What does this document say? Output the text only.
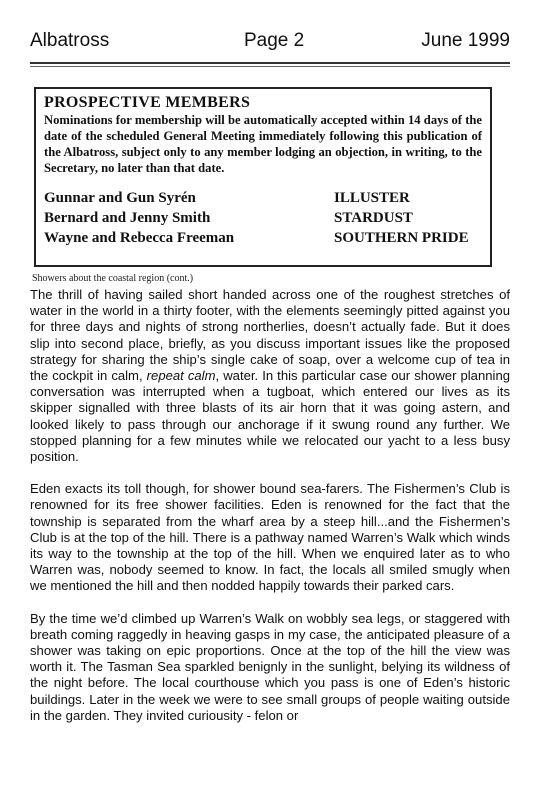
Albatross	Page 2	June 1999

PROSPECTIVE MEMBERS

Nominations for membership will be automatically accepted within 14 days of the date of the scheduled General Meeting immediately following this publication of the Albatross, subject only to any member lodging an objection, in writing, to the Secretary, no later than that date.

Gunnar and Gun Syrén	ILLUSTER
Bernard and Jenny Smith	STARDUST
Wayne and Rebecca Freeman	SOUTHERN PRIDE
Showers about the coastal region (cont.)

The thrill of having sailed short handed across one of the roughest stretches of water in the world in a thirty footer, with the elements seemingly pitted against you for three days and nights of strong northerlies, doesn’t actually fade. But it does slip into second place, briefly, as you discuss important issues like the proposed strategy for sharing the ship’s single cake of soap, over a welcome cup of tea in the cockpit in calm, repeat calm, water. In this particular case our shower planning conversation was interrupted when a tugboat, which entered our lives as its skipper signalled with three blasts of its air horn that it was going astern, and looked likely to pass through our anchorage if it swung round any further. We stopped planning for a few minutes while we relocated our yacht to a less busy position.

Eden exacts its toll though, for shower bound sea-farers. The Fishermen’s Club is renowned for its free shower facilities. Eden is renowned for the fact that the township is separated from the wharf area by a steep hill...and the Fishermen’s Club is at the top of the hill. There is a pathway named Warren’s Walk which winds its way to the township at the top of the hill. When we enquired later as to who Warren was, nobody seemed to know. In fact, the locals all smiled smugly when we mentioned the hill and then nodded happily towards their parked cars.

By the time we’d climbed up Warren’s Walk on wobbly sea legs, or staggered with breath coming raggedly in heaving gasps in my case, the anticipated pleasure of a shower was taking on epic proportions. Once at the top of the hill the view was worth it. The Tasman Sea sparkled benignly in the sunlight, belying its wildness of the night before. The local courthouse which you pass is one of Eden’s historic buildings. Later in the week we were to see small groups of people waiting outside in the garden. They invited curiousity - felon or
